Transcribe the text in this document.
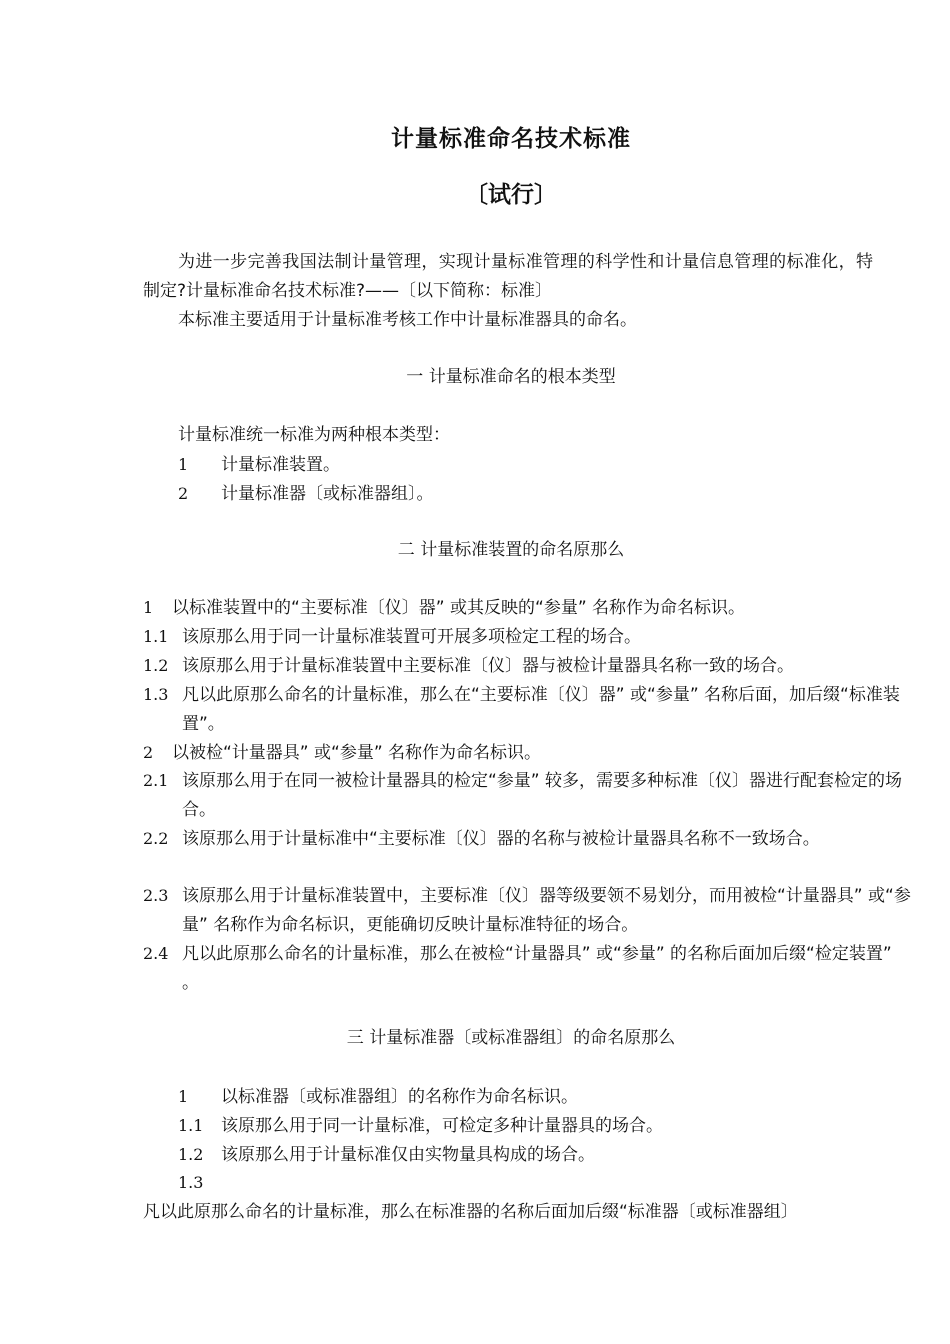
计量标准命名技术标准
〔试行〕
为进一步完善我国法制计量管理，实现计量标准管理的科学性和计量信息管理的标准化，特制定?计量标准命名技术标准?——〔以下简称：标准〕
本标准主要适用于计量标准考核工作中计量标准器具的命名。
一 计量标准命名的根本类型
计量标准统一标准为两种根本类型：
1 计量标准装置。
2 计量标准器〔或标准器组〕。
二 计量标准装置的命名原那么
1 以标准装置中的“主要标准〔仪〕器” 或其反映的“参量” 名称作为命名标识。
1.1 该原那么用于同一计量标准装置可开展多项检定工程的场合。
1.2 该原那么用于计量标准装置中主要标准〔仪〕器与被检计量器具名称一致的场合。
1.3 凡以此原那么命名的计量标准，那么在“主要标准〔仪〕器” 或“参量” 名称后面，加后缀“标准装置”。
2 以被检“计量器具” 或“参量” 名称作为命名标识。
2.1 该原那么用于在同一被检计量器具的检定“参量” 较多，需要多种标准〔仪〕器进行配套检定的场合。
2.2 该原那么用于计量标准中“主要标准〔仪〕器的名称与被检计量器具名称不一致场合。
2.3 该原那么用于计量标准装置中，主要标准〔仪〕器等级要领不易划分，而用被检“计量器具” 或“参量” 名称作为命名标识，更能确切反映计量标准特征的场合。
2.4 凡以此原那么命名的计量标准，那么在被检“计量器具” 或“参量” 的名称后面加后缀“检定装置” 。
三 计量标准器〔或标准器组〕的命名原那么
1 以标准器〔或标准器组〕的名称作为命名标识。
1.1 该原那么用于同一计量标准，可检定多种计量器具的场合。
1.2 该原那么用于计量标准仅由实物量具构成的场合。
1.3凡以此原那么命名的计量标准，那么在标准器的名称后面加后缀“标准器〔或标准器组〕
